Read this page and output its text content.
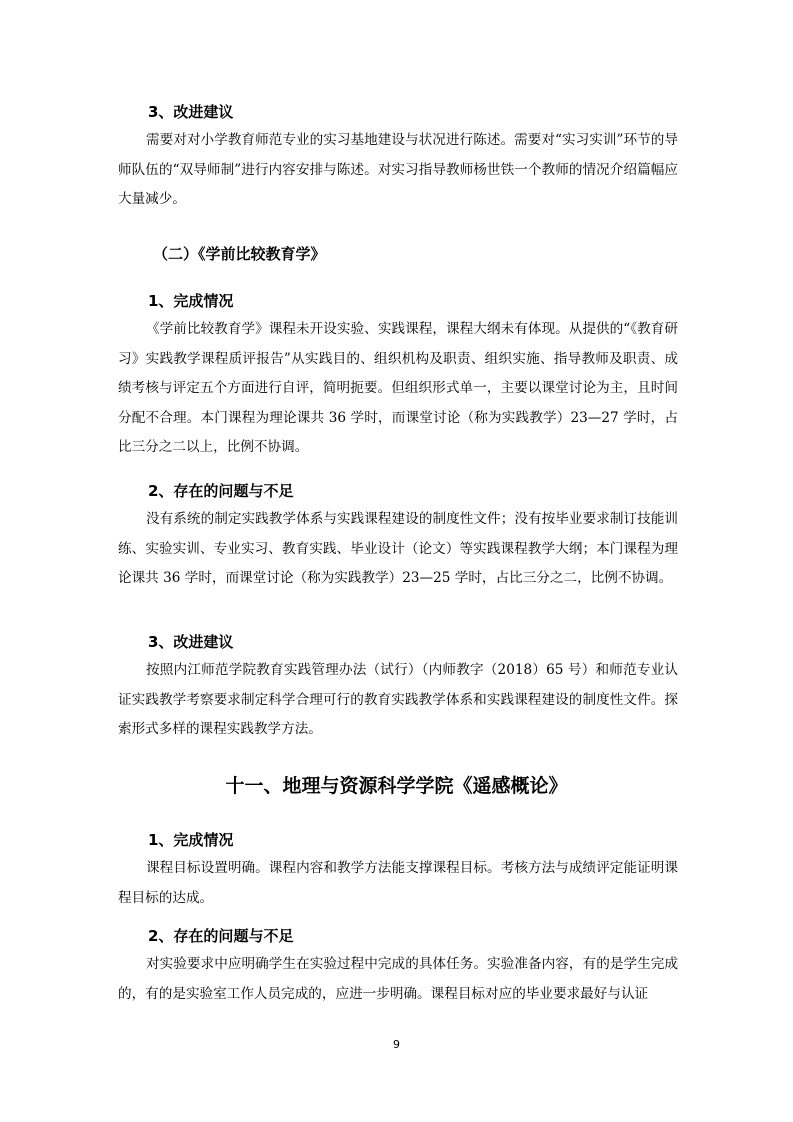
3、改进建议

需要对对小学教育师范专业的实习基地建设与状况进行陈述。需要对“实习实训”环节的导师队伍的“双导师制”进行内容安排与陈述。对实习指导教师杨世铁一个教师的情况介绍篇幅应大量减少。

（二）《学前比较教育学》

1、完成情况

《学前比较教育学》课程未开设实验、实践课程，课程大纲未有体现。从提供的“《教育研习》实践教学课程质评报告”从实践目的、组织机构及职责、组织实施、指导教师及职责、成绩考核与评定五个方面进行自评，简明扼要。但组织形式单一，主要以课堂讨论为主，且时间分配不合理。本门课程为理论课共 36 学时，而课堂讨论（称为实践教学）23—27 学时，占比三分之二以上，比例不协调。

2、存在的问题与不足

没有系统的制定实践教学体系与实践课程建设的制度性文件；没有按毕业要求制订技能训练、实验实训、专业实习、教育实践、毕业设计（论文）等实践课程教学大纲；本门课程为理论课共 36 学时，而课堂讨论（称为实践教学）23—25 学时，占比三分之二，比例不协调。

3、改进建议

按照内江师范学院教育实践管理办法（试行）（内师教字（2018）65 号）和师范专业认证实践教学考察要求制定科学合理可行的教育实践教学体系和实践课程建设的制度性文件。探索形式多样的课程实践教学方法。

十一、地理与资源科学学院《遥感概论》

1、完成情况

课程目标设置明确。课程内容和教学方法能支撑课程目标。考核方法与成绩评定能证明课程目标的达成。

2、存在的问题与不足

对实验要求中应明确学生在实验过程中完成的具体任务。实验准备内容，有的是学生完成的，有的是实验室工作人员完成的，应进一步明确。课程目标对应的毕业要求最好与认证

9
